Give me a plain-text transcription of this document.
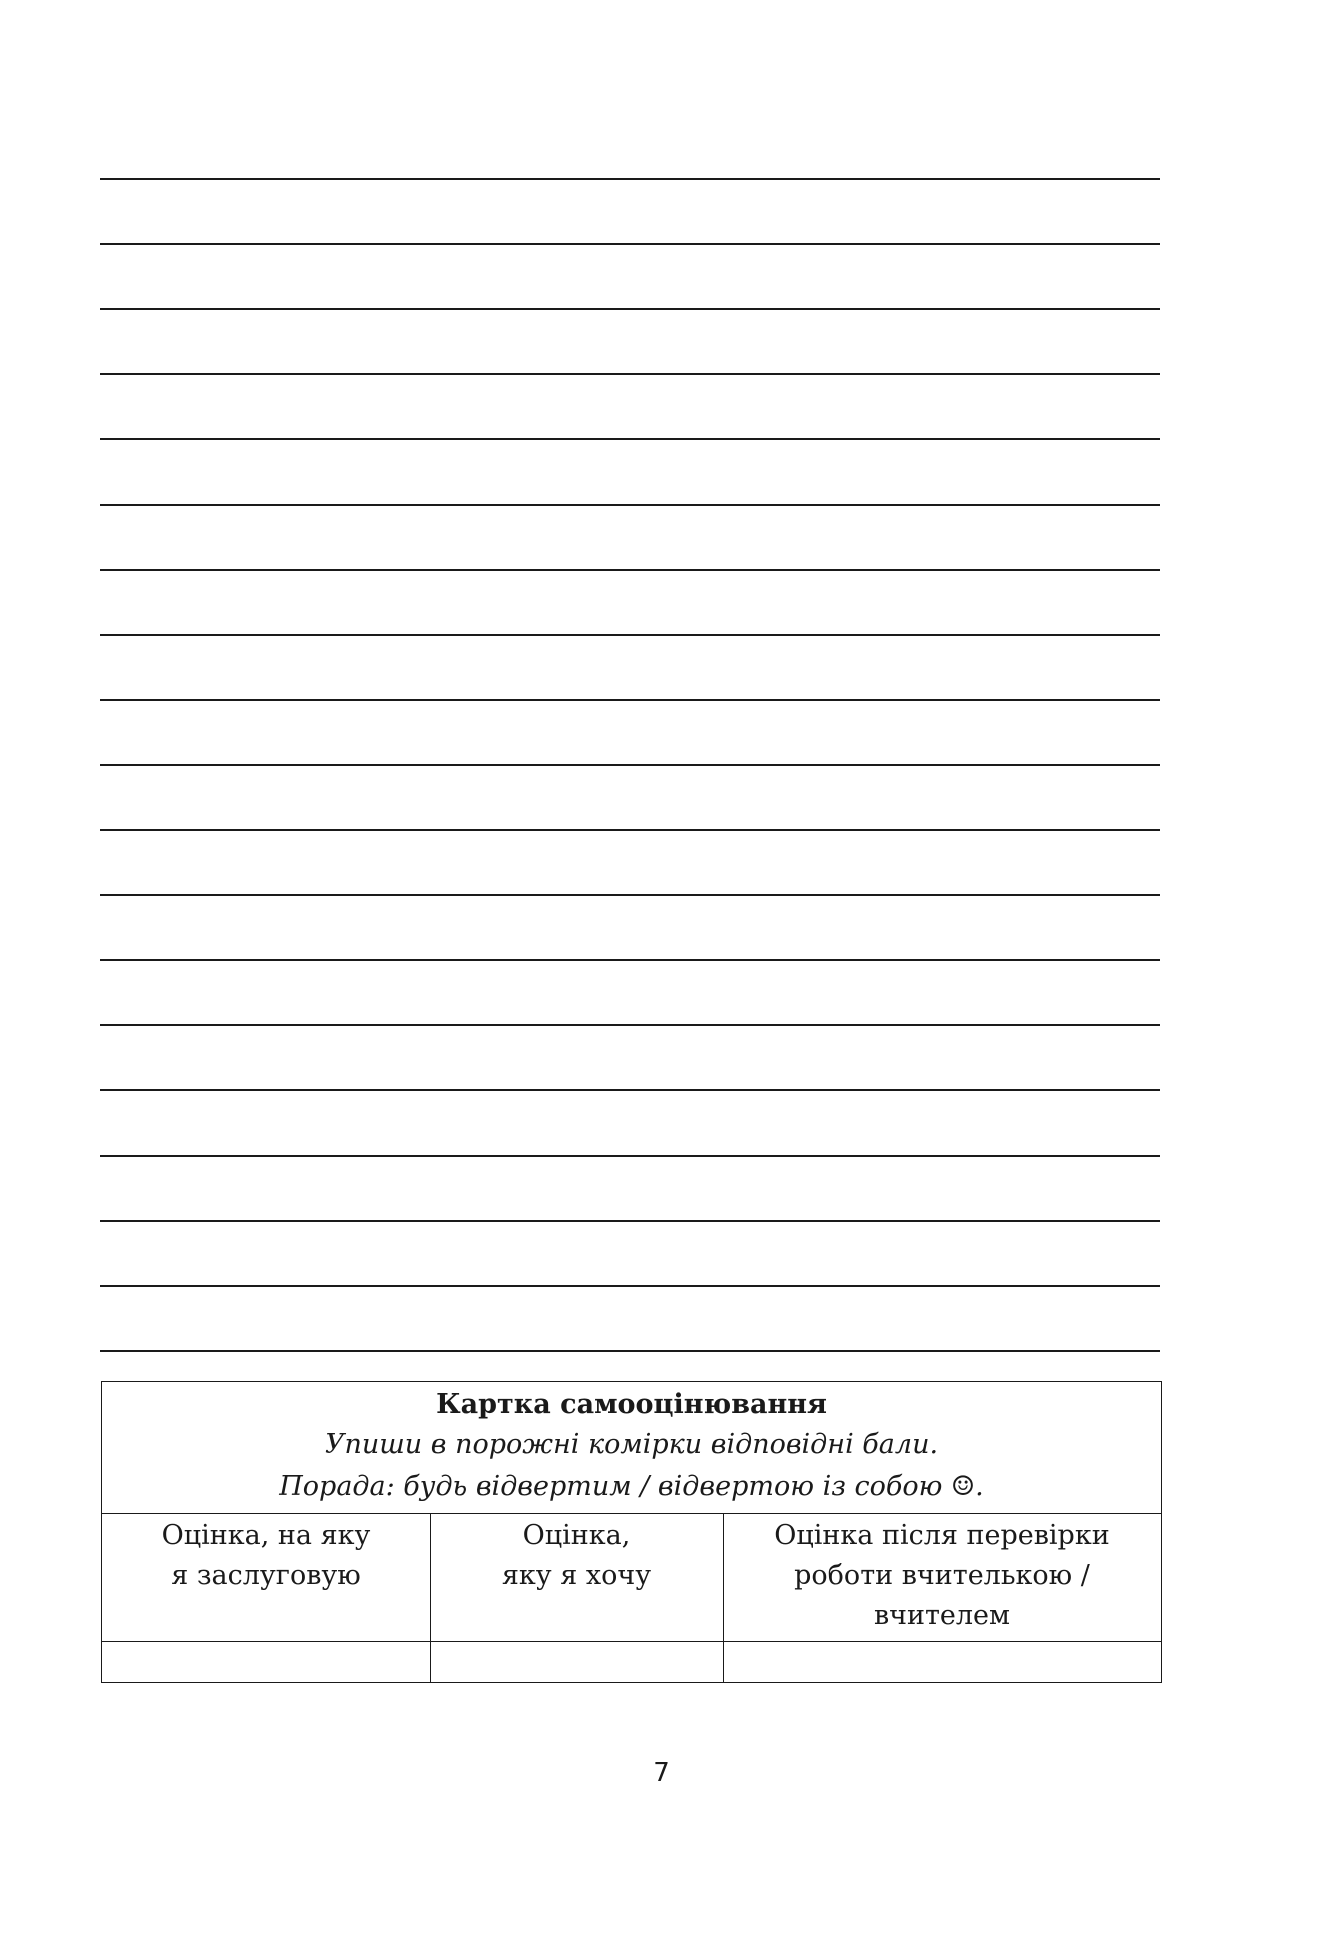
Картка самооцінювання
Упиши в порожні комірки відповідні бали.
Порада: будь відвертим / відвертою із собою ☺.
Оцінка, на яку
я заслуговую
Оцінка,
яку я хочу
Оцінка після перевірки
роботи вчителькою /
вчителем
7
